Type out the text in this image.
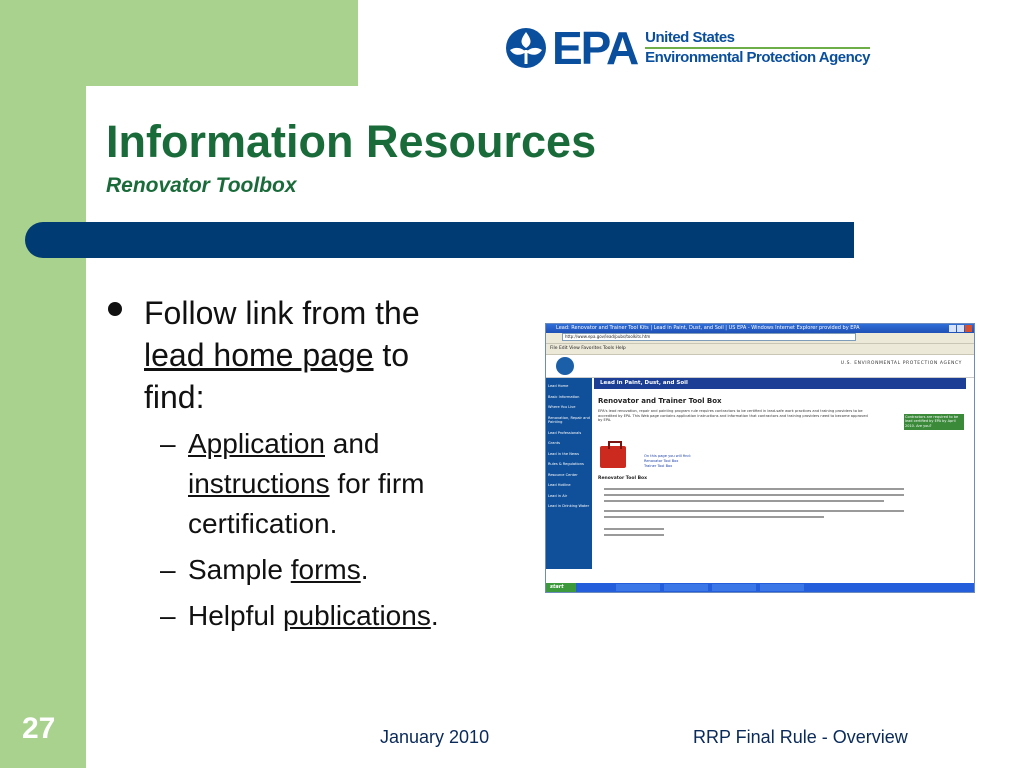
EPA United States
Environmental Protection Agency
Information Resources
Renovator Toolbox
Follow link from the
lead home page to
find:
– Application and
instructions for firm
certification.
– Sample forms.
– Helpful publications.
Lead: Renovator and Trainer Tool Kits | Lead in Paint, Dust, and Soil | US EPA - Windows Internet Explorer provided by EPA
http://www.epa.gov/lead/pubs/toolkits.htm
File Edit View Favorites Tools Help
U.S. ENVIRONMENTAL PROTECTION AGENCY
Lead Home
Basic Information
Where You Live
Renovation, Repair and Painting
Lead Professionals
Grants
Lead in the News
Rules & Regulations
Resource Center
Lead Hotline
Lead in Air
Lead in Drinking Water
Lead in Paint, Dust, and Soil
Renovator and Trainer Tool Box
EPA's lead renovation, repair and painting program rule requires contractors to be certified in lead-safe work practices and training providers to be accredited by EPA. This Web page contains application instructions and information that contractors and training providers need to become approved by EPA.
Contractors are required to be lead certified by EPA by April 2010. Are you?
On this page you will find:
Renovator Tool Box
Trainer Tool Box
Renovator Tool Box
start
27	January 2010	RRP Final Rule - Overview
